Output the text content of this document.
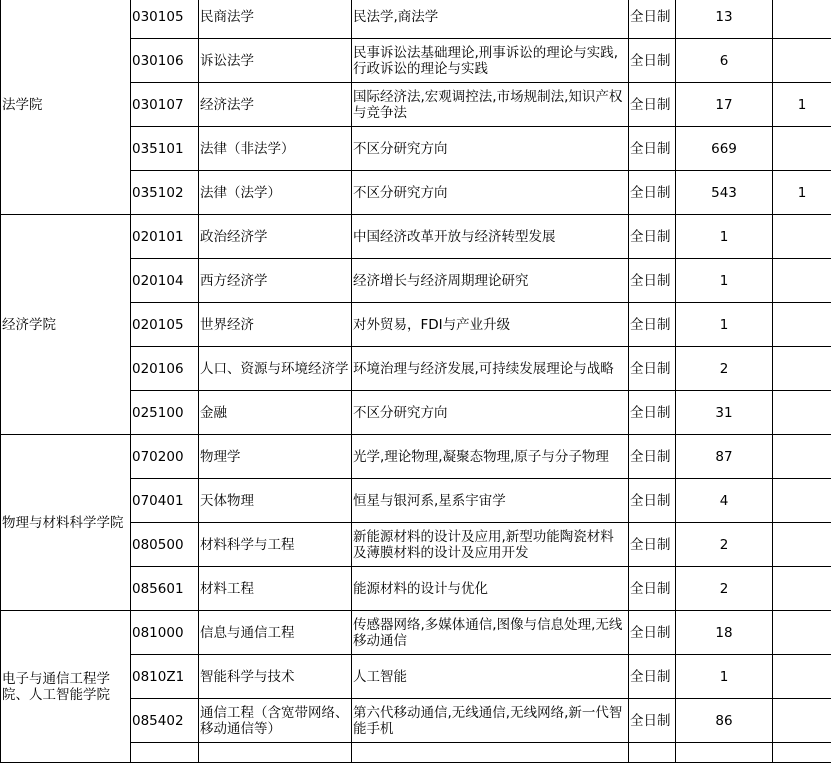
法学院	030105	民商法学	民法学,商法学	全日制	13	
	030106	诉讼法学	民事诉讼法基础理论,刑事诉讼的理论与实践,行政诉讼的理论与实践	全日制	6	
	030107	经济法学	国际经济法,宏观调控法,市场规制法,知识产权与竞争法	全日制	17	1
	035101	法律（非法学）	不区分研究方向	全日制	669	
	035102	法律（法学）	不区分研究方向	全日制	543	1
经济学院	020101	政治经济学	中国经济改革开放与经济转型发展	全日制	1	
	020104	西方经济学	经济增长与经济周期理论研究	全日制	1	
	020105	世界经济	对外贸易，FDI与产业升级	全日制	1	
	020106	人口、资源与环境经济学	环境治理与经济发展,可持续发展理论与战略	全日制	2	
	025100	金融	不区分研究方向	全日制	31	
物理与材料科学学院	070200	物理学	光学,理论物理,凝聚态物理,原子与分子物理	全日制	87	
	070401	天体物理	恒星与银河系,星系宇宙学	全日制	4	
	080500	材料科学与工程	新能源材料的设计及应用,新型功能陶瓷材料及薄膜材料的设计及应用开发	全日制	2	
	085601	材料工程	能源材料的设计与优化	全日制	2	
电子与通信工程学院、人工智能学院	081000	信息与通信工程	传感器网络,多媒体通信,图像与信息处理,无线移动通信	全日制	18	
	0810Z1	智能科学与技术	人工智能	全日制	1	
	085402	通信工程（含宽带网络、移动通信等）	第六代移动通信,无线通信,无线网络,新一代智能手机	全日制	86	
